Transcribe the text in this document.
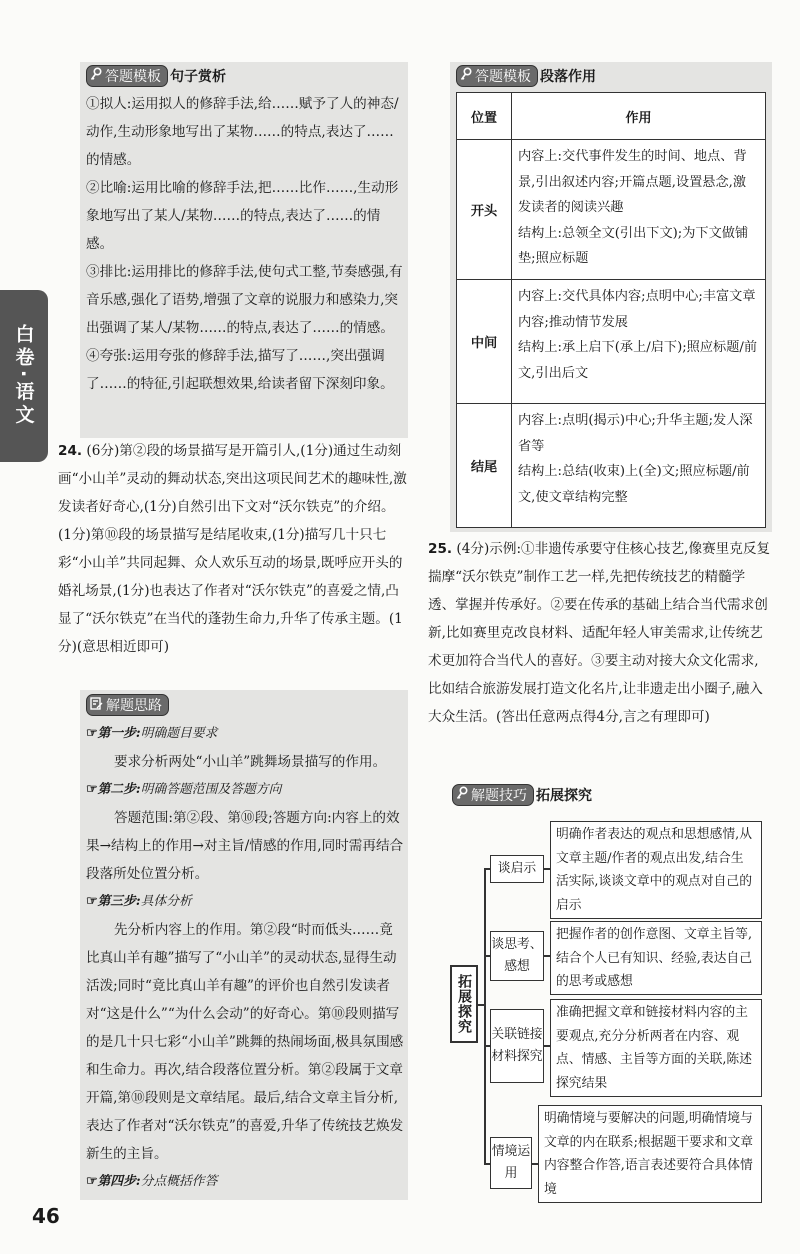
白卷·语文
答题模板 句子赏析

①拟人:运用拟人的修辞手法,给……赋予了人的神态/动作,生动形象地写出了某物……的特点,表达了……的情感。

②比喻:运用比喻的修辞手法,把……比作……,生动形象地写出了某人/某物……的特点,表达了……的情感。

③排比:运用排比的修辞手法,使句式工整,节奏感强,有音乐感,强化了语势,增强了文章的说服力和感染力,突出强调了某人/某物……的特点,表达了……的情感。

④夸张:运用夸张的修辞手法,描写了……,突出强调了……的特征,引起联想效果,给读者留下深刻印象。

24. (6分)第②段的场景描写是开篇引人,(1分)通过生动刻画“小山羊”灵动的舞动状态,突出这项民间艺术的趣味性,激发读者好奇心,(1分)自然引出下文对“沃尔铁克”的介绍。(1分)第⑩段的场景描写是结尾收束,(1分)描写几十只七彩“小山羊”共同起舞、众人欢乐互动的场景,既呼应开头的婚礼场景,(1分)也表达了作者对“沃尔铁克”的喜爱之情,凸显了“沃尔铁克”在当代的蓬勃生命力,升华了传承主题。(1分)(意思相近即可)

解题思路

☞第一步:明确题目要求

要求分析两处“小山羊”跳舞场景描写的作用。

☞第二步:明确答题范围及答题方向

答题范围:第②段、第⑩段;答题方向:内容上的效果→结构上的作用→对主旨/情感的作用,同时需再结合段落所处位置分析。

☞第三步:具体分析

先分析内容上的作用。第②段“时而低头……竟比真山羊有趣”描写了“小山羊”的灵动状态,显得生动活泼;同时“竟比真山羊有趣”的评价也自然引发读者对“这是什么”“为什么会动”的好奇心。第⑩段则描写的是几十只七彩“小山羊”跳舞的热闹场面,极具氛围感和生命力。再次,结合段落位置分析。第②段属于文章开篇,第⑩段则是文章结尾。最后,结合文章主旨分析,表达了作者对“沃尔铁克”的喜爱,升华了传统技艺焕发新生的主旨。

☞第四步:分点概括作答

答题模板 段落作用
位置	作用
开头	内容上:交代事件发生的时间、地点、背景,引出叙述内容;开篇点题,设置悬念,激发读者的阅读兴趣
结构上:总领全文(引出下文);为下文做铺垫;照应标题
中间	内容上:交代具体内容;点明中心;丰富文章内容;推动情节发展
结构上:承上启下(承上/启下);照应标题/前文,引出后文
结尾	内容上:点明(揭示)中心;升华主题;发人深省等
结构上:总结(收束)上(全)文;照应标题/前文,使文章结构完整

25. (4分)示例:①非遗传承要守住核心技艺,像赛里克反复揣摩“沃尔铁克”制作工艺一样,先把传统技艺的精髓学透、掌握并传承好。②要在传承的基础上结合当代需求创新,比如赛里克改良材料、适配年轻人审美需求,让传统艺术更加符合当代人的喜好。③要主动对接大众文化需求,比如结合旅游发展打造文化名片,让非遗走出小圈子,融入大众生活。(答出任意两点得4分,言之有理即可)

解题技巧 拓展探究
拓展探究
谈启示
谈思考、感想
关联链接材料探究
情境运用
明确作者表达的观点和思想感情,从文章主题/作者的观点出发,结合生活实际,谈谈文章中的观点对自己的启示
把握作者的创作意图、文章主旨等,结合个人已有知识、经验,表达自己的思考或感想
准确把握文章和链接材料内容的主要观点,充分分析两者在内容、观点、情感、主旨等方面的关联,陈述探究结果
明确情境与要解决的问题,明确情境与文章的内在联系;根据题干要求和文章内容整合作答,语言表述要符合具体情境
46
